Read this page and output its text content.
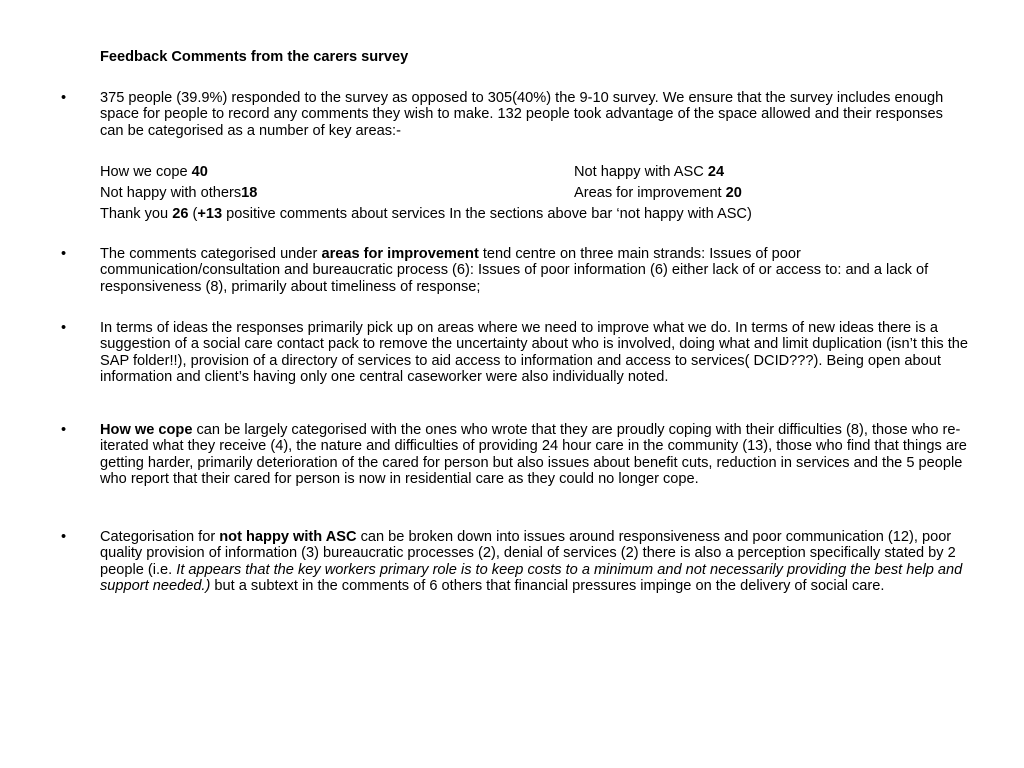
Feedback Comments from the carers survey
•	375 people (39.9%) responded to the survey as opposed to 305(40%) the 9-10 survey. We ensure that the survey includes enough space for people to record any comments they wish to make. 132 people took advantage of the space allowed and their responses can be categorised as a number of key areas:-
How we cope 40	Not happy with ASC 24
Not happy with others18	Areas for improvement 20
Thank you 26 (+13 positive comments about services In the sections above bar ‘not happy with ASC)
•	The comments categorised under areas for improvement tend centre on three main strands: Issues of poor communication/consultation and bureaucratic process (6): Issues of poor information (6) either lack of or access to: and a lack of responsiveness (8), primarily about timeliness of response;
•	In terms of ideas the responses primarily pick up on areas where we need to improve what we do. In terms of new ideas there is a suggestion of a social care contact pack to remove the uncertainty about who is involved, doing what and limit duplication (isn’t this the SAP folder!!), provision of a directory of services to aid access to information and access to services( DCID???). Being open about information and client’s having only one central caseworker were also individually noted.
•	How we cope can be largely categorised with the ones who wrote that they are proudly coping with their difficulties (8), those who re-iterated what they receive (4), the nature and difficulties of providing 24 hour care in the community (13), those who find that things are getting harder, primarily deterioration of the cared for person but also issues about benefit cuts, reduction in services and the 5 people who report that their cared for person is now in residential care as they could no longer cope.
•	Categorisation for not happy with ASC can be broken down into issues around responsiveness and poor communication (12), poor quality provision of information (3) bureaucratic processes (2), denial of services (2) there is also a perception specifically stated by 2 people (i.e. It appears that the key workers primary role is to keep costs to a minimum and not necessarily providing the best help and support needed.) but a subtext in the comments of 6 others that financial pressures impinge on the delivery of social care.
